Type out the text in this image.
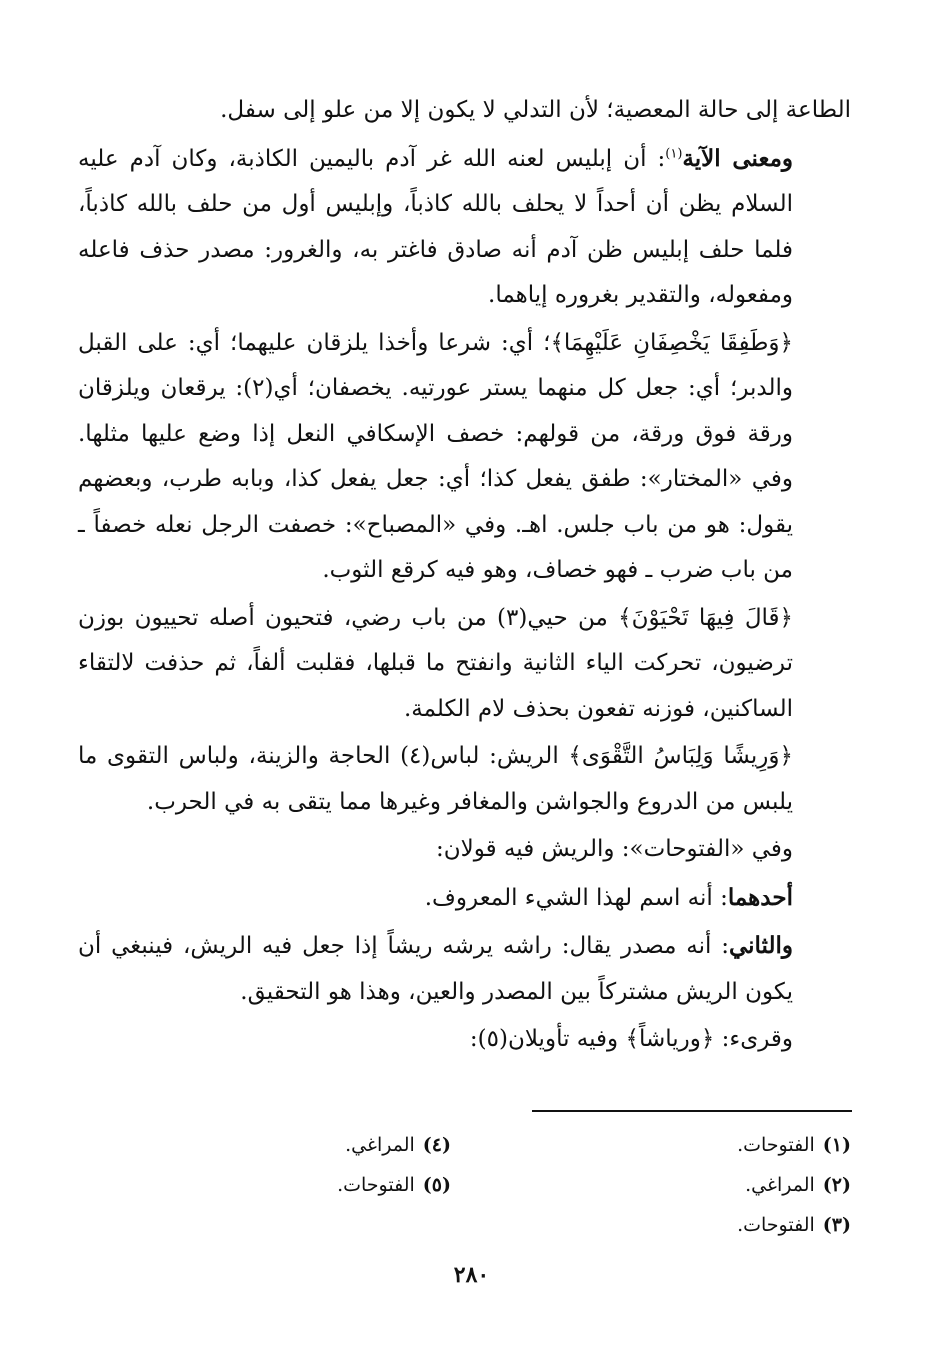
الطاعة إلى حالة المعصية؛ لأن التدلي لا يكون إلا من علو إلى سفل.

ومعنى الآية$^{(١)}$: أن إبليس لعنه الله غر آدم باليمين الكاذبة، وكان آدم عليه السلام يظن أن أحداً لا يحلف بالله كاذباً، وإبليس أول من حلف بالله كاذباً، فلما حلف إبليس ظن آدم أنه صادق فاغتر به، والغرور: مصدر حذف فاعله ومفعوله، والتقدير بغروره إياهما.

﴿وَطَفِقَا يَخْصِفَانِ عَلَيْهِمَا﴾؛ أي: شرعا وأخذا يلزقان عليهما؛ أي: على القبل والدبر؛ أي: جعل كل منهما يستر عورتيه. يخصفان؛ أي(٢): يرقعان ويلزقان ورقة فوق ورقة، من قولهم: خصف الإسكافي النعل إذا وضع عليها مثلها. وفي «المختار»: طفق يفعل كذا؛ أي: جعل يفعل كذا، وبابه طرب، وبعضهم يقول: هو من باب جلس. اهـ. وفي «المصباح»: خصفت الرجل نعله خصفاً ـ من باب ضرب ـ فهو خصاف، وهو فيه كرقع الثوب.

﴿قَالَ فِيهَا تَحْيَوْنَ﴾ من حيي(٣) من باب رضي، فتحيون أصله تحييون بوزن ترضيون، تحركت الياء الثانية وانفتح ما قبلها، فقلبت ألفاً، ثم حذفت لالتقاء الساكنين، فوزنه تفعون بحذف لام الكلمة.

﴿وَرِيشًا وَلِبَاسُ التَّقْوَى﴾ الريش: لباس(٤) الحاجة والزينة، ولباس التقوى ما يلبس من الدروع والجواشن والمغافر وغيرها مما يتقى به في الحرب.

وفي «الفتوحات»: والريش فيه قولان:

أحدهما: أنه اسم لهذا الشيء المعروف.

والثاني: أنه مصدر يقال: راشه يرشه ريشاً إذا جعل فيه الريش، فينبغي أن يكون الريش مشتركاً بين المصدر والعين، وهذا هو التحقيق.

وقرىء: ﴿ورياشاً﴾ وفيه تأويلان(٥):

(١)الفتوحات.
(٢)المراغي.
(٣)الفتوحات.
(٤)المراغي.
(٥)الفتوحات.
٢٨٠
